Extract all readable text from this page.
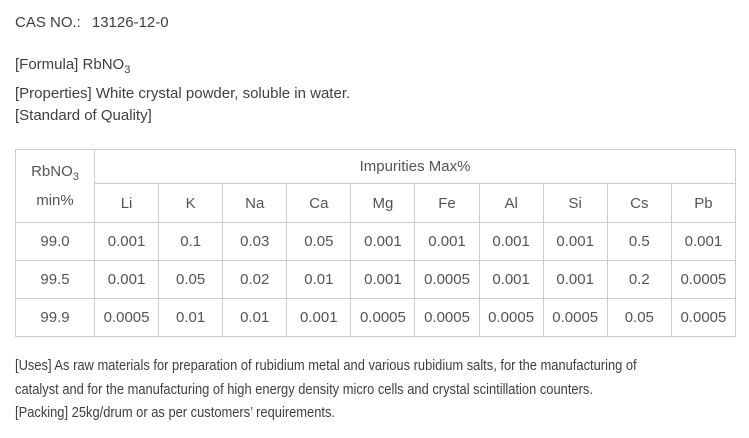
CAS NO.: 13126-12-0
[Formula] RbNO$_3$
[Properties] White crystal powder, soluble in water.
[Standard of Quality]
RbNO$_3$
min%	Impurities Max%									
	Li	K	Na	Ca	Mg	Fe	Al	Si	Cs	Pb
99.0	0.001	0.1	0.03	0.05	0.001	0.001	0.001	0.001	0.5	0.001
99.5	0.001	0.05	0.02	0.01	0.001	0.0005	0.001	0.001	0.2	0.0005
99.9	0.0005	0.01	0.01	0.001	0.0005	0.0005	0.0005	0.0005	0.05	0.0005
[Uses] As raw materials for preparation of rubidium metal and various rubidium salts, for the manufacturing of
catalyst and for the manufacturing of high energy density micro cells and crystal scintillation counters.
[Packing] 25kg/drum or as per customers’ requirements.
